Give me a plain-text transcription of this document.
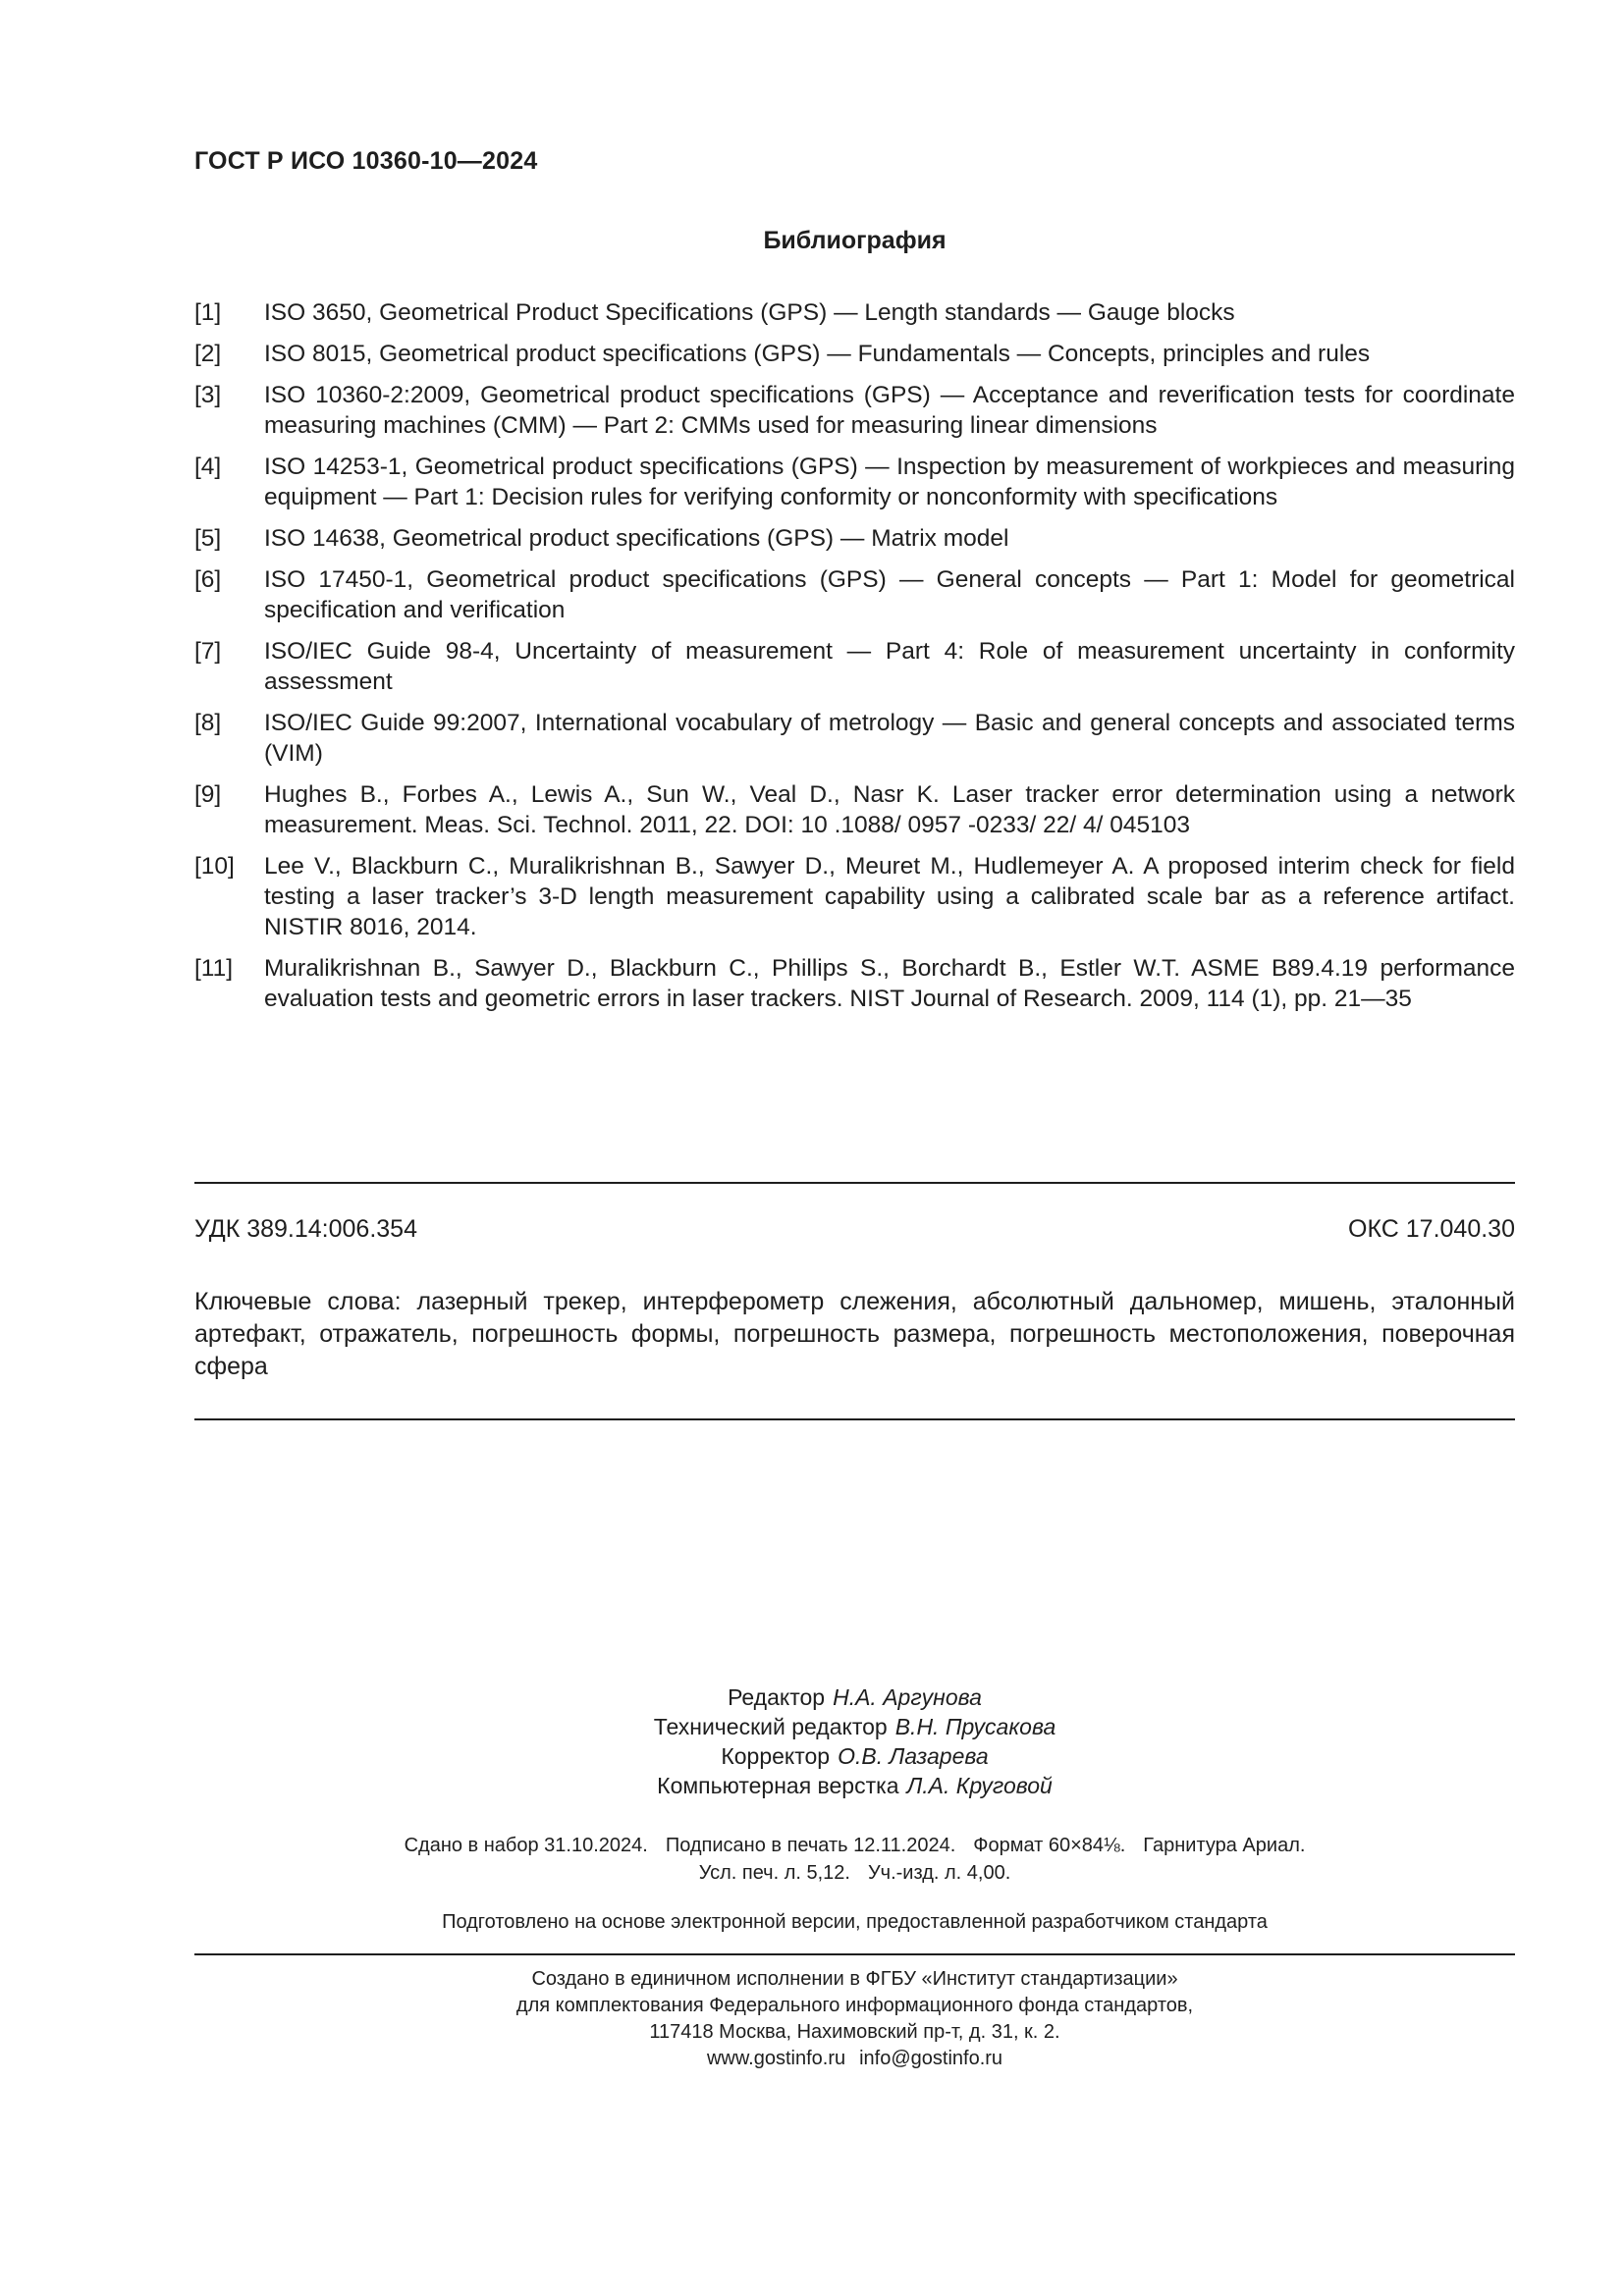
ГОСТ Р ИСО 10360-10—2024
Библиография
[1]	ISO 3650, Geometrical Product Specifications (GPS) — Length standards — Gauge blocks
[2]	ISO 8015, Geometrical product specifications (GPS) — Fundamentals — Concepts, principles and rules
[3]	ISO 10360-2:2009, Geometrical product specifications (GPS) — Acceptance and reverification tests for coordinate measuring machines (CMM) — Part 2: CMMs used for measuring linear dimensions
[4]	ISO 14253-1, Geometrical product specifications (GPS) — Inspection by measurement of workpieces and measuring equipment — Part 1: Decision rules for verifying conformity or nonconformity with specifications
[5]	ISO 14638, Geometrical product specifications (GPS) — Matrix model
[6]	ISO 17450-1, Geometrical product specifications (GPS) — General concepts — Part 1: Model for geometrical specification and verification
[7]	ISO/IEC Guide 98-4, Uncertainty of measurement — Part 4: Role of measurement uncertainty in conformity assessment
[8]	ISO/IEC Guide 99:2007, International vocabulary of metrology — Basic and general concepts and associated terms (VIM)
[9]	Hughes B., Forbes A., Lewis A., Sun W., Veal D., Nasr K. Laser tracker error determination using a network measurement. Meas. Sci. Technol. 2011, 22. DOI: 10 .1088/ 0957 -0233/ 22/ 4/ 045103
[10]	Lee V., Blackburn C., Muralikrishnan B., Sawyer D., Meuret M., Hudlemeyer A. A proposed interim check for field testing a laser tracker’s 3-D length measurement capability using a calibrated scale bar as a reference artifact. NISTIR 8016, 2014.
[11]	Muralikrishnan B., Sawyer D., Blackburn C., Phillips S., Borchardt B., Estler W.T. ASME B89.4.19 performance evaluation tests and geometric errors in laser trackers. NIST Journal of Research. 2009, 114 (1), pp. 21—35
УДК 389.14:006.354	ОКС 17.040.30
Ключевые слова: лазерный трекер, интерферометр слежения, абсолютный дальномер, мишень, эталонный артефакт, отражатель, погрешность формы, погрешность размера, погрешность местоположения, поверочная сфера
Редактор Н.А. Аргунова
Технический редактор В.Н. Прусакова
Корректор О.В. Лазарева
Компьютерная верстка Л.А. Круговой
Сдано в набор 31.10.2024. Подписано в печать 12.11.2024. Формат 60×84⅛. Гарнитура Ариал.
Усл. печ. л. 5,12. Уч.-изд. л. 4,00.
Подготовлено на основе электронной версии, предоставленной разработчиком стандарта
Создано в единичном исполнении в ФГБУ «Институт стандартизации»
для комплектования Федерального информационного фонда стандартов,
117418 Москва, Нахимовский пр-т, д. 31, к. 2.
www.gostinfo.ru info@gostinfo.ru
